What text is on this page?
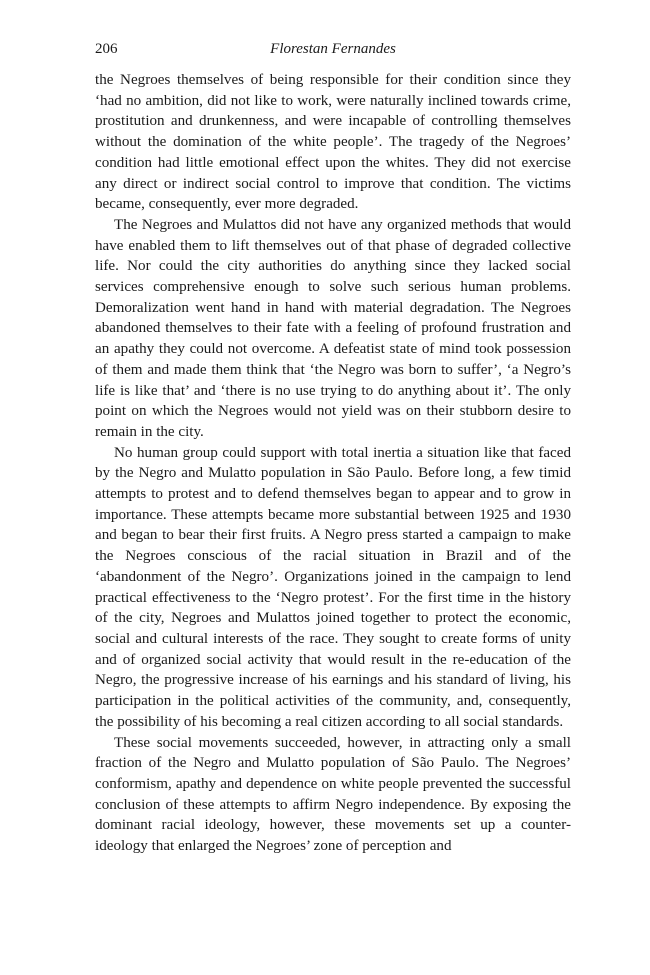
206	Florestan Fernandes

the Negroes themselves of being responsible for their condition since they ‘had no ambition, did not like to work, were naturally inclined towards crime, prostitution and drunkenness, and were incapable of controlling themselves without the domination of the white people’. The tragedy of the Negroes’ condition had little emotional effect upon the whites. They did not exercise any direct or indirect social control to improve that condition. The victims became, consequently, ever more degraded.

The Negroes and Mulattos did not have any organized methods that would have enabled them to lift themselves out of that phase of degraded collective life. Nor could the city authorities do anything since they lacked social services comprehensive enough to solve such serious human problems. Demoralization went hand in hand with material degradation. The Negroes abandoned themselves to their fate with a feeling of profound frustration and an apathy they could not overcome. A defeatist state of mind took possession of them and made them think that ‘the Negro was born to suffer’, ‘a Negro’s life is like that’ and ‘there is no use trying to do anything about it’. The only point on which the Negroes would not yield was on their stubborn desire to remain in the city.

No human group could support with total inertia a situation like that faced by the Negro and Mulatto population in São Paulo. Before long, a few timid attempts to protest and to defend themselves began to appear and to grow in importance. These attempts became more substantial between 1925 and 1930 and began to bear their first fruits. A Negro press started a campaign to make the Negroes conscious of the racial situation in Brazil and of the ‘abandonment of the Negro’. Organizations joined in the campaign to lend practical effectiveness to the ‘Negro protest’. For the first time in the history of the city, Negroes and Mulattos joined together to protect the economic, social and cultural interests of the race. They sought to create forms of unity and of organized social activity that would result in the re-education of the Negro, the progressive increase of his earnings and his standard of living, his participation in the political activities of the community, and, consequently, the possibility of his becoming a real citizen according to all social standards.

These social movements succeeded, however, in attracting only a small fraction of the Negro and Mulatto population of São Paulo. The Negroes’ conformism, apathy and dependence on white people prevented the successful conclusion of these attempts to affirm Negro independence. By exposing the dominant racial ideology, however, these movements set up a counter-ideology that enlarged the Negroes’ zone of perception and
